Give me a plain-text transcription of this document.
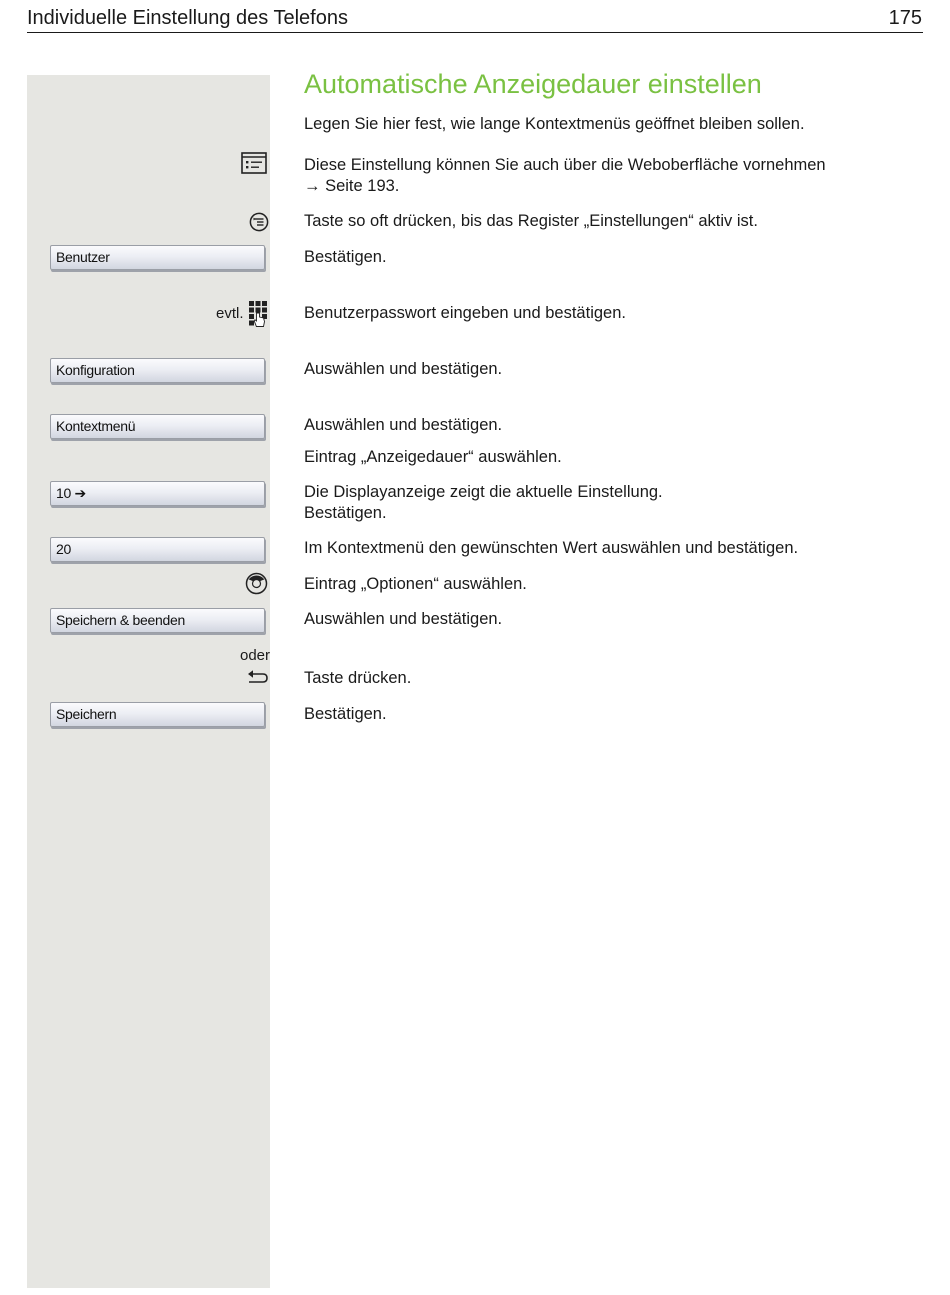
Individuelle Einstellung des Telefons	175
Automatische Anzeigedauer einstellen
Legen Sie hier fest, wie lange Kontextmenüs geöffnet bleiben sollen.
Diese Einstellung können Sie auch über die Weboberfläche vornehmen
→ Seite 193.
Taste so oft drücken, bis das Register „Einstellungen“ aktiv ist.
Benutzer	Bestätigen.
evtl.	Benutzerpasswort eingeben und bestätigen.
Konfiguration	Auswählen und bestätigen.
Kontextmenü	Auswählen und bestätigen.
Eintrag „Anzeigedauer“ auswählen.
10 ➔	Die Displayanzeige zeigt die aktuelle Einstellung.
Bestätigen.
20	Im Kontextmenü den gewünschten Wert auswählen und bestätigen.
Eintrag „Optionen“ auswählen.
Speichern & beenden	Auswählen und bestätigen.
oder
Taste drücken.
Speichern	Bestätigen.
